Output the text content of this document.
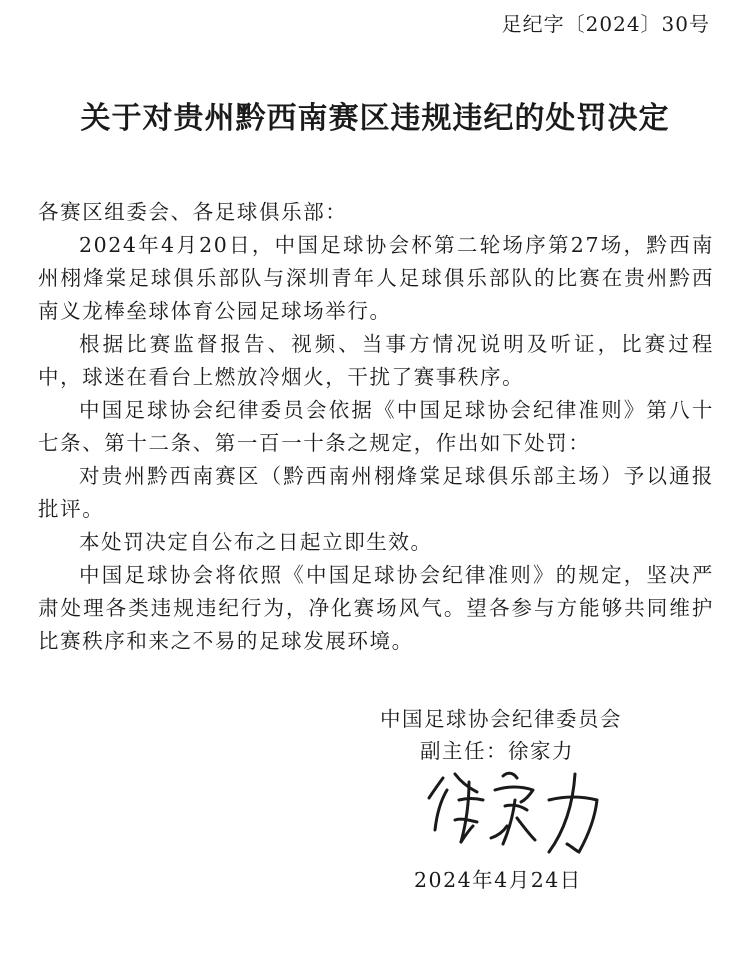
足纪字〔2024〕30号
关于对贵州黔西南赛区违规违纪的处罚决定

各赛区组委会、各足球俱乐部：

2024年4月20日，中国足球协会杯第二轮场序第27场，黔西南州栩烽棠足球俱乐部队与深圳青年人足球俱乐部队的比赛在贵州黔西南义龙棒垒球体育公园足球场举行。

根据比赛监督报告、视频、当事方情况说明及听证，比赛过程中，球迷在看台上燃放冷烟火，干扰了赛事秩序。

中国足球协会纪律委员会依据《中国足球协会纪律准则》第八十七条、第十二条、第一百一十条之规定，作出如下处罚：

对贵州黔西南赛区（黔西南州栩烽棠足球俱乐部主场）予以通报批评。

本处罚决定自公布之日起立即生效。

中国足球协会将依照《中国足球协会纪律准则》的规定，坚决严肃处理各类违规违纪行为，净化赛场风气。望各参与方能够共同维护比赛秩序和来之不易的足球发展环境。

中国足球协会纪律委员会
副主任：徐家力
2024年4月24日
